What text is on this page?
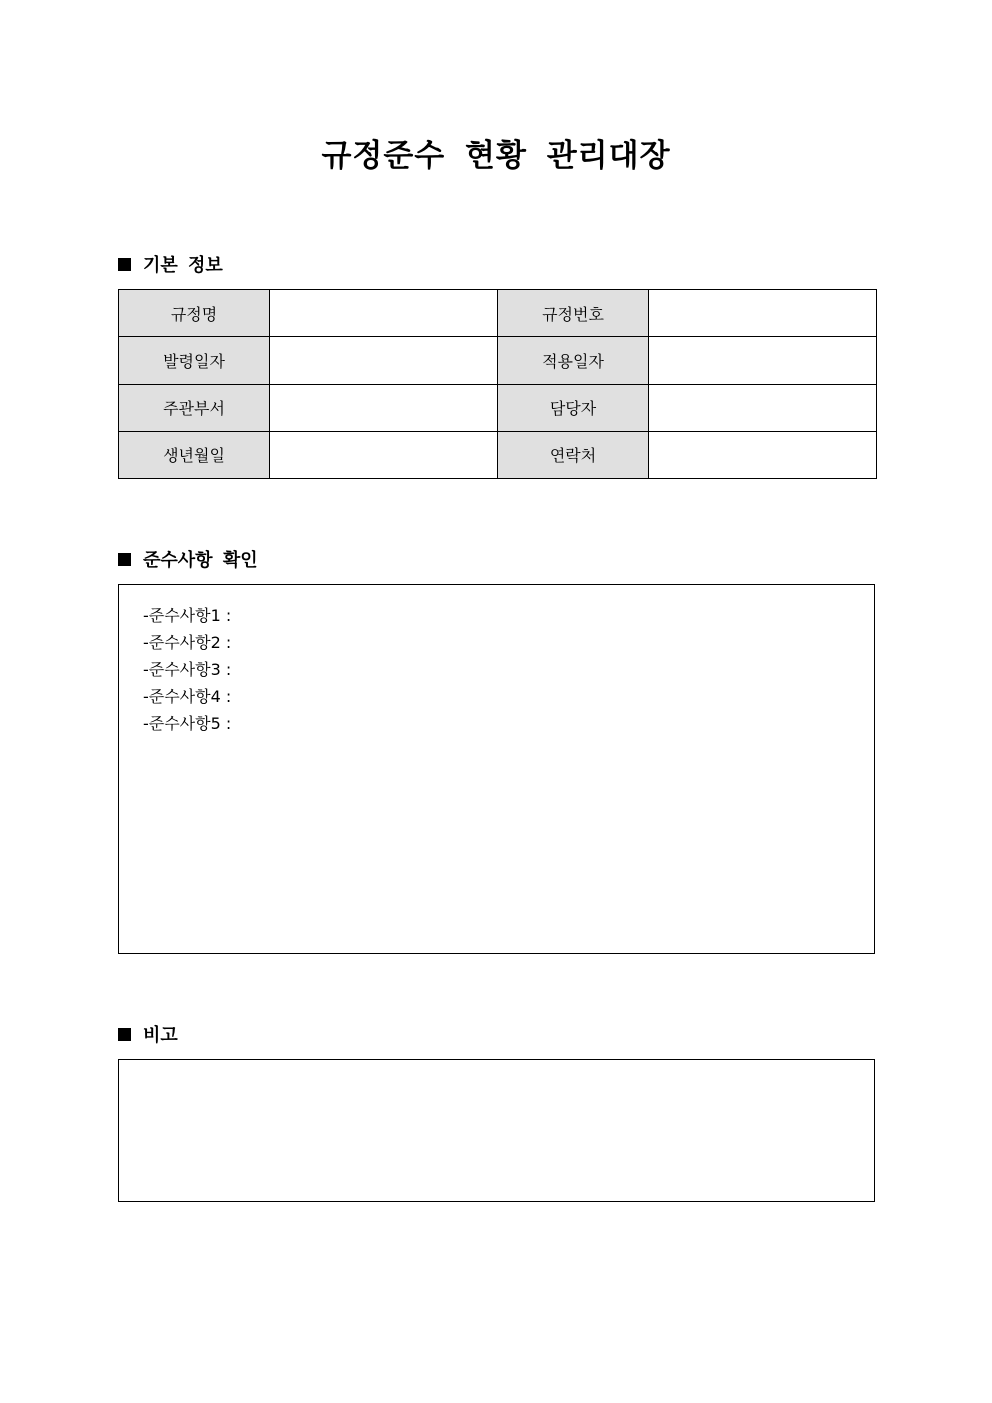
규정준수 현황 관리대장
기본 정보
규정명		규정번호	
발령일자		적용일자	
주관부서		담당자	
생년월일		연락처	
준수사항 확인
-준수사항1 :
-준수사항2 :
-준수사항3 :
-준수사항4 :
-준수사항5 :
비고
